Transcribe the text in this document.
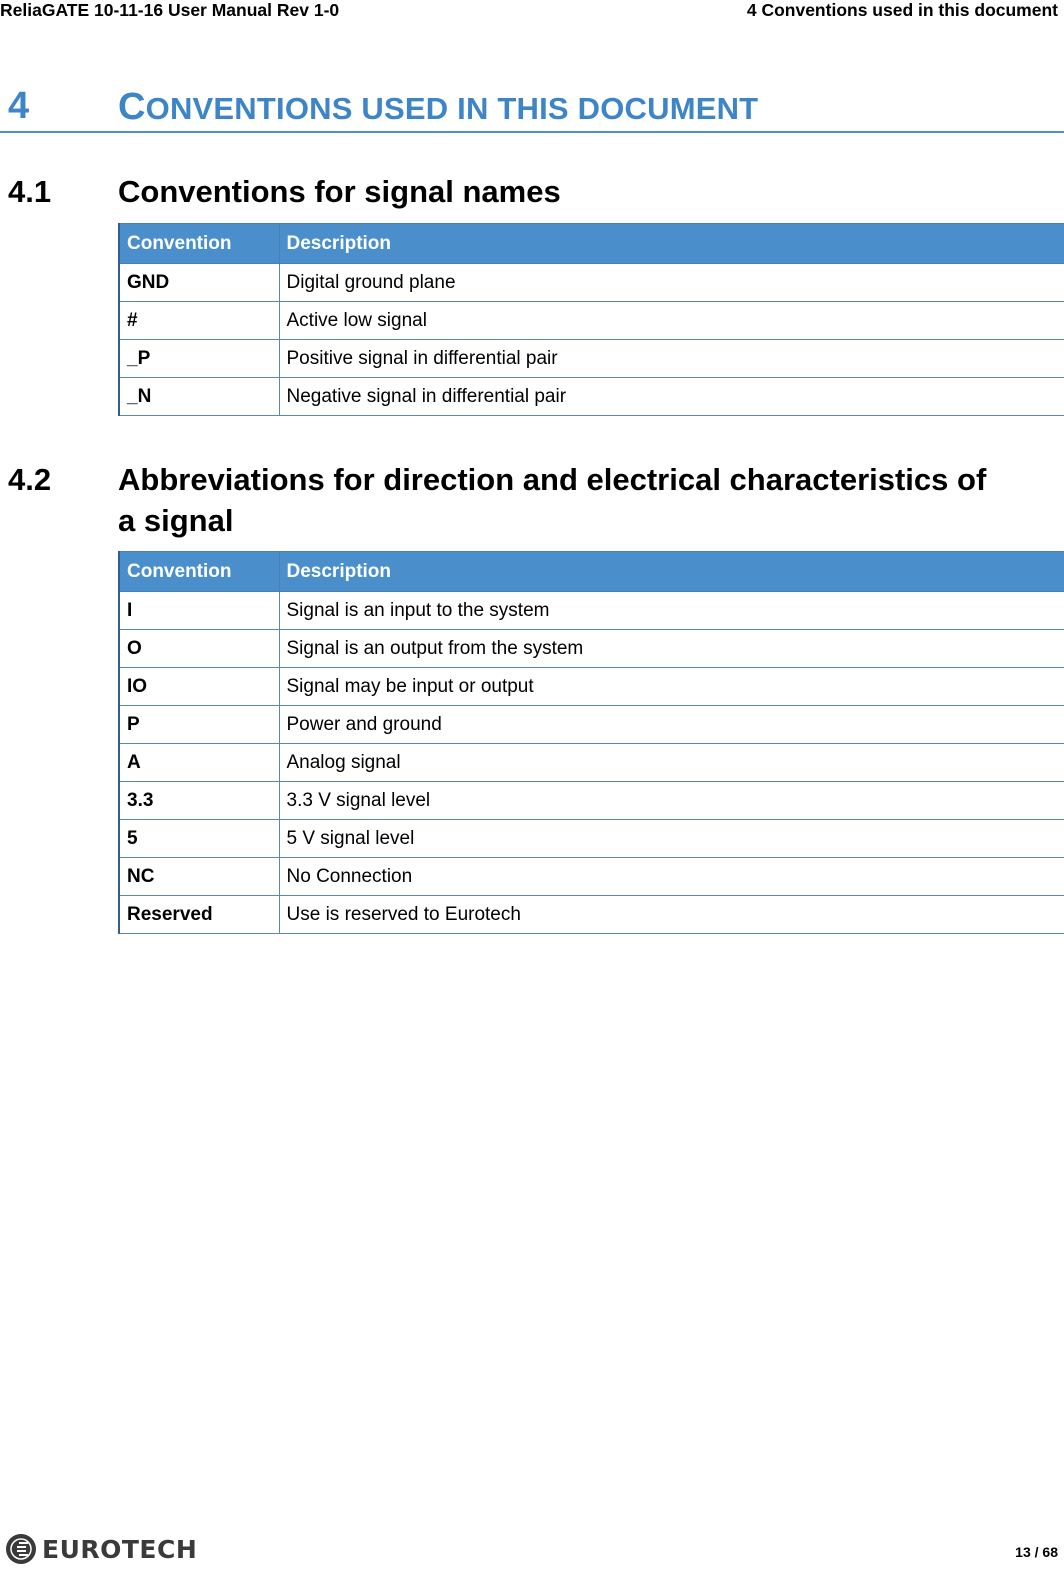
ReliaGATE 10-11-16 User Manual Rev 1-0	4 Conventions used in this document
4 CONVENTIONS USED IN THIS DOCUMENT
4.1 Conventions for signal names
Convention	Description
GND	Digital ground plane
#	Active low signal
_P	Positive signal in differential pair
_N	Negative signal in differential pair
4.2 Abbreviations for direction and electrical characteristics of
a signal
Convention	Description
I	Signal is an input to the system
O	Signal is an output from the system
IO	Signal may be input or output
P	Power and ground
A	Analog signal
3.3	3.3 V signal level
5	5 V signal level
NC	No Connection
Reserved	Use is reserved to Eurotech
EUROTECH	13 / 68
